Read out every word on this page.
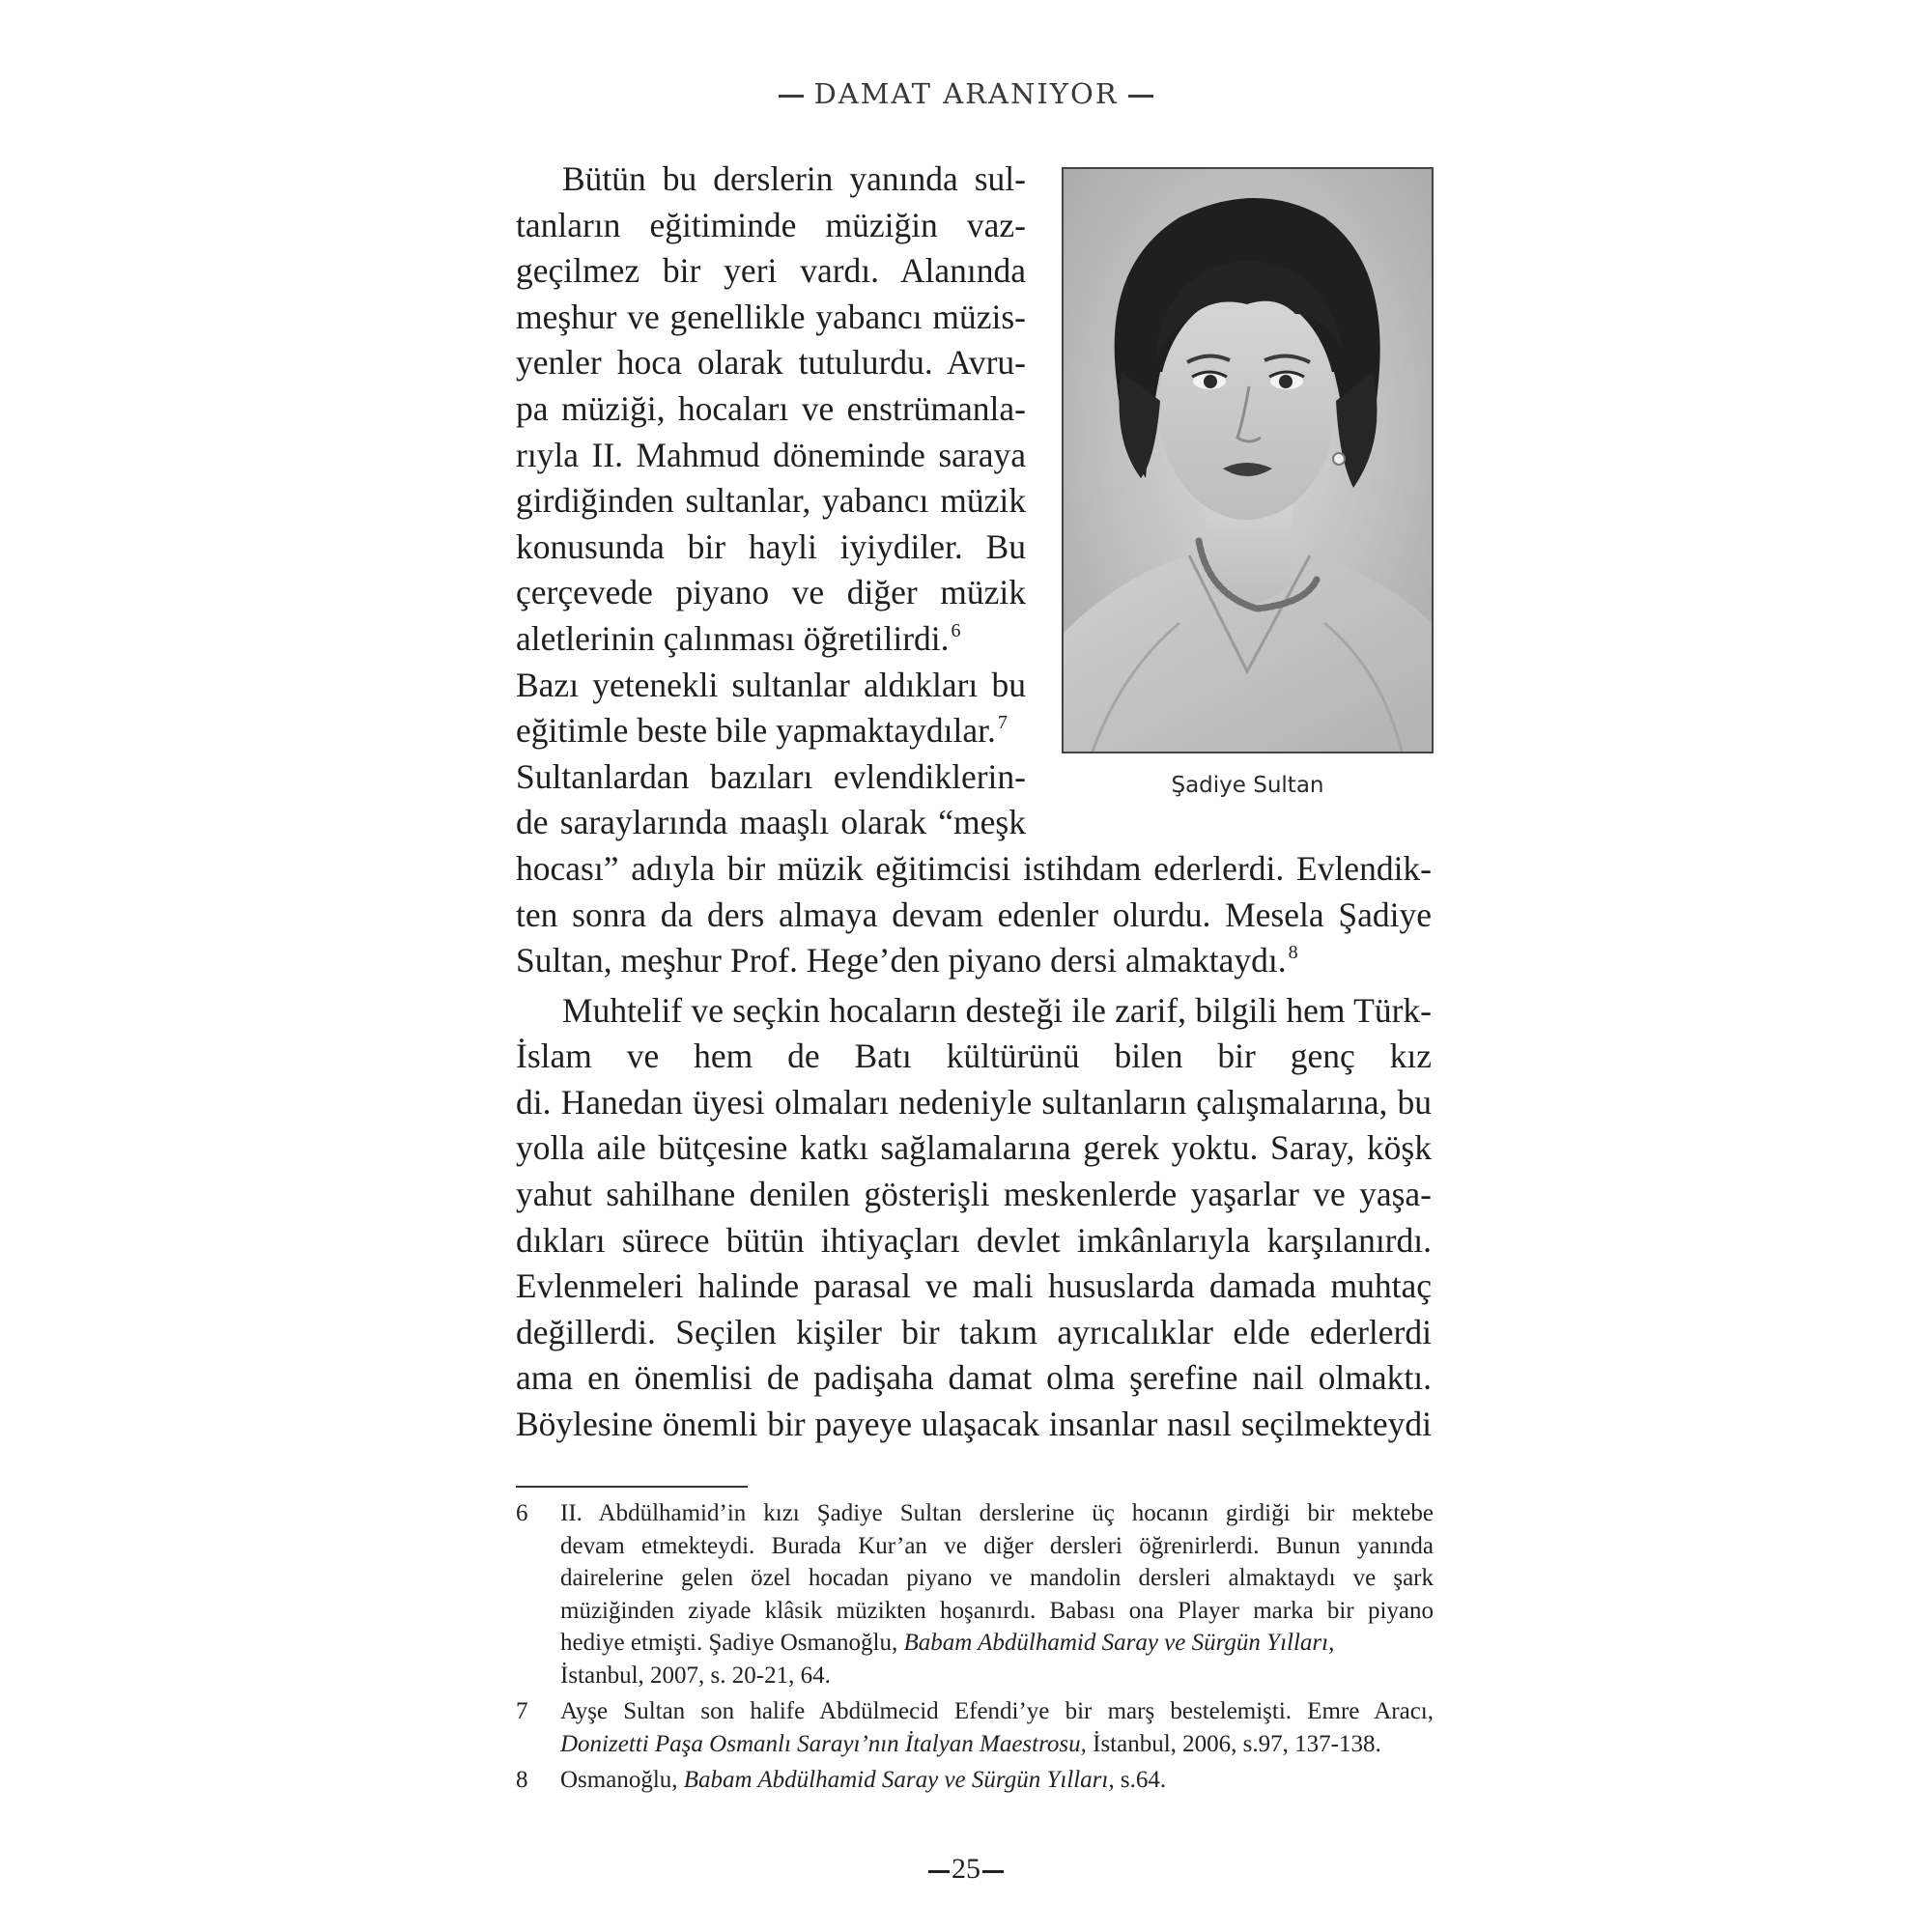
DAMAT ARANIYOR
Bütün bu derslerin yanında sul-
tanların eğitiminde müziğin vaz-
geçilmez bir yeri vardı. Alanında
meşhur ve genellikle yabancı müzis-
yenler hoca olarak tutulurdu. Avru-
pa müziği, hocaları ve enstrümanla-
rıyla II. Mahmud döneminde saraya
girdiğinden sultanlar, yabancı müzik
konusunda bir hayli iyiydiler. Bu
çerçevede piyano ve diğer müzik
aletlerinin çalınması öğretilirdi. $^6$
Bazı yetenekli sultanlar aldıkları bu
eğitimle beste bile yapmaktaydılar. $^7$
Sultanlardan bazıları evlendiklerin-
de saraylarında maaşlı olarak “meşk
hocası” adıyla bir müzik eğitimcisi istihdam ederlerdi. Evlendik-
ten sonra da ders almaya devam edenler olurdu. Mesela Şadiye
Sultan, meşhur Prof. Hege’den piyano dersi almaktaydı. $^8$
Muhtelif ve seçkin hocaların desteği ile zarif, bilgili hem Türk-
İslam ve hem de Batı kültürünü bilen bir genç kız
di. Hanedan üyesi olmaları nedeniyle sultanların çalışmalarına, bu
yolla aile bütçesine katkı sağlamalarına gerek yoktu. Saray, köşk
yahut sahilhane denilen gösterişli meskenlerde yaşarlar ve yaşa-
dıkları sürece bütün ihtiyaçları devlet imkânlarıyla karşılanırdı.
Evlenmeleri halinde parasal ve mali hususlarda damada muhtaç
değillerdi. Seçilen kişiler bir takım ayrıcalıklar elde ederlerdi
ama en önemlisi de padişaha damat olma şerefine nail olmaktı.
Böylesine önemli bir payeye ulaşacak insanlar nasıl seçilmekteydi
Şadiye Sultan
6 II. Abdülhamid’in kızı Şadiye Sultan derslerine üç hocanın girdiği bir mektebe
devam etmekteydi. Burada Kur’an ve diğer dersleri öğrenirlerdi. Bunun yanında
dairelerine gelen özel hocadan piyano ve mandolin dersleri almaktaydı ve şark
müziğinden ziyade klâsik müzikten hoşanırdı. Babası ona Player marka bir piyano
hediye etmişti. Şadiye Osmanoğlu, Babam Abdülhamid Saray ve Sürgün Yılları,
İstanbul, 2007, s. 20-21, 64.
7 Ayşe Sultan son halife Abdülmecid Efendi’ye bir marş bestelemişti. Emre Aracı,
Donizetti Paşa Osmanlı Sarayı’nın İtalyan Maestrosu, İstanbul, 2006, s.97, 137-138.
8 Osmanoğlu, Babam Abdülhamid Saray ve Sürgün Yılları, s.64.
25
